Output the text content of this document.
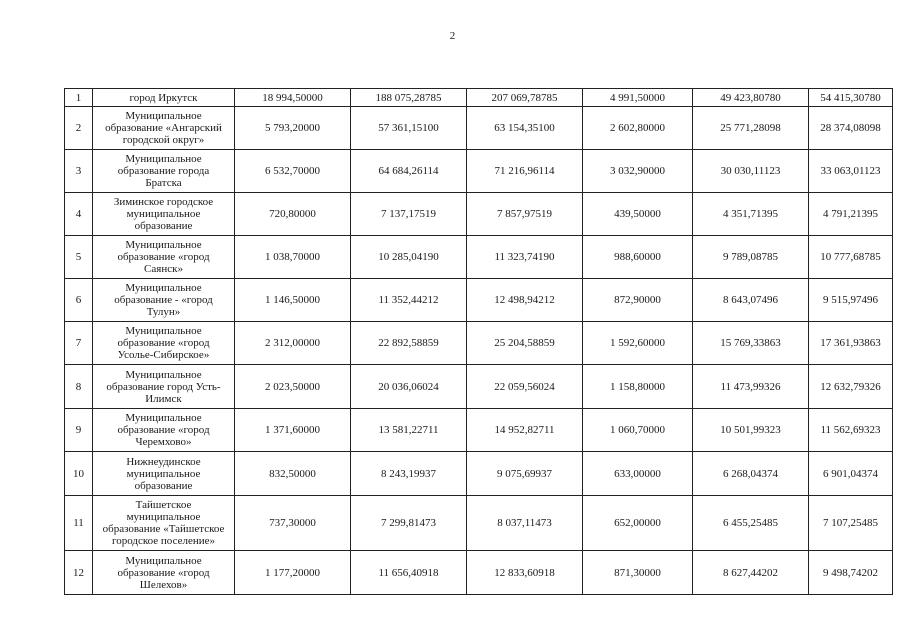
2
1	город Иркутск	18 994,50000	188 075,28785	207 069,78785	4 991,50000	49 423,80780	54 415,30780
2	Муниципальное
образование «Ангарский
городской округ»	5 793,20000	57 361,15100	63 154,35100	2 602,80000	25 771,28098	28 374,08098
3	Муниципальное
образование города
Братска	6 532,70000	64 684,26114	71 216,96114	3 032,90000	30 030,11123	33 063,01123
4	Зиминское городское
муниципальное
образование	720,80000	7 137,17519	7 857,97519	439,50000	4 351,71395	4 791,21395
5	Муниципальное
образование «город
Саянск»	1 038,70000	10 285,04190	11 323,74190	988,60000	9 789,08785	10 777,68785
6	Муниципальное
образование - «город
Тулун»	1 146,50000	11 352,44212	12 498,94212	872,90000	8 643,07496	9 515,97496
7	Муниципальное
образование «город
Усолье-Сибирское»	2 312,00000	22 892,58859	25 204,58859	1 592,60000	15 769,33863	17 361,93863
8	Муниципальное
образование город Усть-
Илимск	2 023,50000	20 036,06024	22 059,56024	1 158,80000	11 473,99326	12 632,79326
9	Муниципальное
образование «город
Черемхово»	1 371,60000	13 581,22711	14 952,82711	1 060,70000	10 501,99323	11 562,69323
10	Нижнеудинское
муниципальное
образование	832,50000	8 243,19937	9 075,69937	633,00000	6 268,04374	6 901,04374
11	Тайшетское
муниципальное
образование «Тайшетское
городское поселение»	737,30000	7 299,81473	8 037,11473	652,00000	6 455,25485	7 107,25485
12	Муниципальное
образование «город
Шелехов»	1 177,20000	11 656,40918	12 833,60918	871,30000	8 627,44202	9 498,74202
